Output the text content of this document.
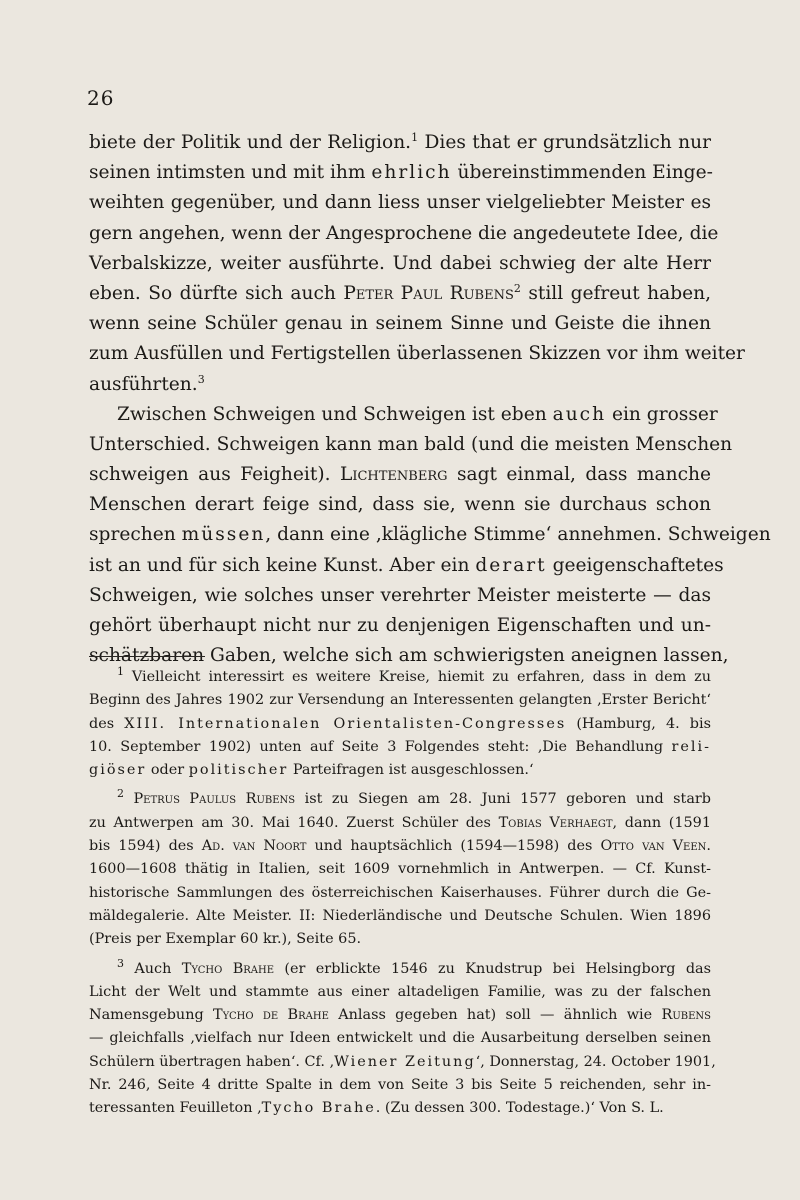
26
biete der Politik und der Religion.$^1$ Dies that er grundsätzlich nur
seinen intimsten und mit ihm ehrlich übereinstimmenden Einge-
weihten gegenüber, und dann liess unser vielgeliebter Meister es
gern angehen, wenn der Angesprochene die angedeutete Idee, die
Verbalskizze, weiter ausführte. Und dabei schwieg der alte Herr
eben. So dürfte sich auch Peter Paul Rubens$^2$ still gefreut haben,
wenn seine Schüler genau in seinem Sinne und Geiste die ihnen
zum Ausfüllen und Fertigstellen überlassenen Skizzen vor ihm weiter
ausführten.$^3$
Zwischen Schweigen und Schweigen ist eben auch ein grosser
Unterschied. Schweigen kann man bald (und die meisten Menschen
schweigen aus Feigheit). Lichtenberg sagt einmal, dass manche
Menschen derart feige sind, dass sie, wenn sie durchaus schon
sprechen müssen, dann eine ‚klägliche Stimme‘ annehmen. Schweigen
ist an und für sich keine Kunst. Aber ein derart geeigenschaftetes
Schweigen, wie solches unser verehrter Meister meisterte — das
gehört überhaupt nicht nur zu denjenigen Eigenschaften und un-
schätzbaren Gaben, welche sich am schwierigsten aneignen lassen,
$^1$ Vielleicht interessirt es weitere Kreise, hiemit zu erfahren, dass in dem zu
Beginn des Jahres 1902 zur Versendung an Interessenten gelangten ‚Erster Bericht‘
des XIII. Internationalen Orientalisten-Congresses (Hamburg, 4. bis
10. September 1902) unten auf Seite 3 Folgendes steht: ‚Die Behandlung reli-
giöser oder politischer Parteifragen ist ausgeschlossen.‘
$^2$ Petrus Paulus Rubens ist zu Siegen am 28. Juni 1577 geboren und starb
zu Antwerpen am 30. Mai 1640. Zuerst Schüler des Tobias Verhaegt, dann (1591
bis 1594) des Ad. van Noort und hauptsächlich (1594—1598) des Otto van Veen.
1600—1608 thätig in Italien, seit 1609 vornehmlich in Antwerpen. — Cf. Kunst-
historische Sammlungen des österreichischen Kaiserhauses. Führer durch die Ge-
mäldegalerie. Alte Meister. II: Niederländische und Deutsche Schulen. Wien 1896
(Preis per Exemplar 60 kr.), Seite 65.
$^3$ Auch Tycho Brahe (er erblickte 1546 zu Knudstrup bei Helsingborg das
Licht der Welt und stammte aus einer altadeligen Familie, was zu der falschen
Namensgebung Tycho de Brahe Anlass gegeben hat) soll — ähnlich wie Rubens
— gleichfalls ‚vielfach nur Ideen entwickelt und die Ausarbeitung derselben seinen
Schülern übertragen haben‘. Cf. ‚Wiener Zeitung‘, Donnerstag, 24. October 1901,
Nr. 246, Seite 4 dritte Spalte in dem von Seite 3 bis Seite 5 reichenden, sehr in-
teressanten Feuilleton ‚Tycho Brahe. (Zu dessen 300. Todestage.)‘ Von S. L.
